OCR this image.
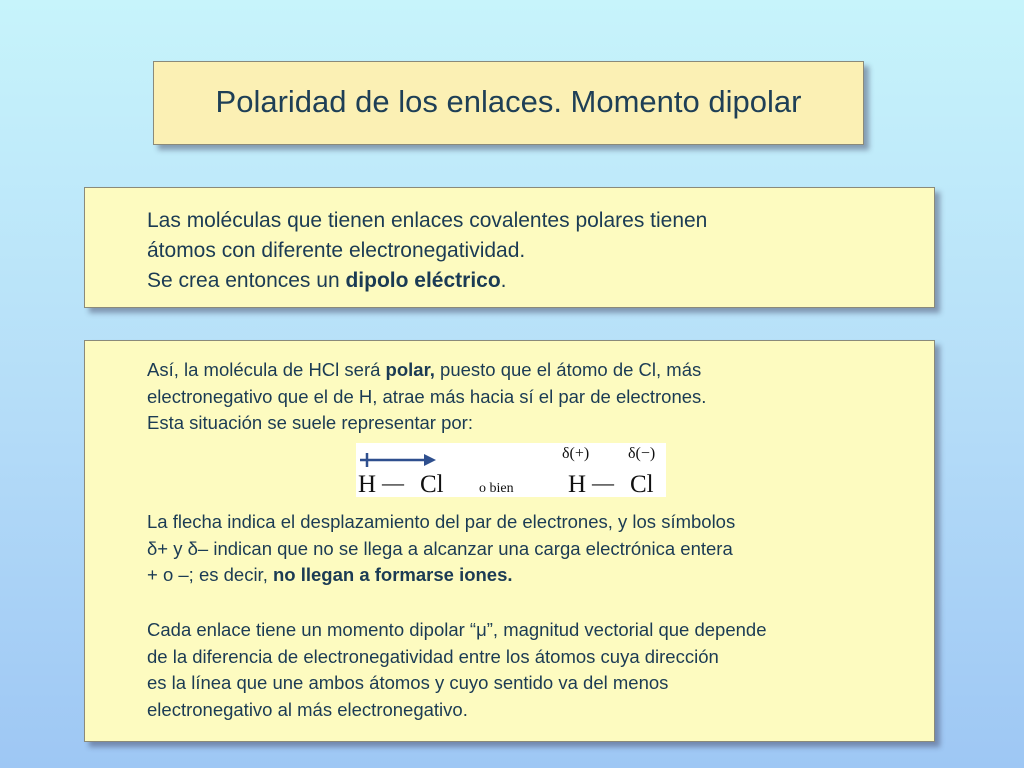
Polaridad de los enlaces. Momento dipolar
Las moléculas que tienen enlaces covalentes polares tienen
átomos con diferente electronegatividad.
Se crea entonces un dipolo eléctrico.
Así, la molécula de HCl será polar, puesto que el átomo de Cl, más
electronegativo que el de H, atrae más hacia sí el par de electrones.
Esta situación se suele representar por:
H — Cl	o bien
δ(+) δ(−)
H — Cl
La flecha indica el desplazamiento del par de electrones, y los símbolos
δ+ y δ– indican que no se llega a alcanzar una carga electrónica entera
+ o –; es decir, no llegan a formarse iones.
Cada enlace tiene un momento dipolar “μ”, magnitud vectorial que depende
de la diferencia de electronegatividad entre los átomos cuya dirección
es la línea que une ambos átomos y cuyo sentido va del menos
electronegativo al más electronegativo.
